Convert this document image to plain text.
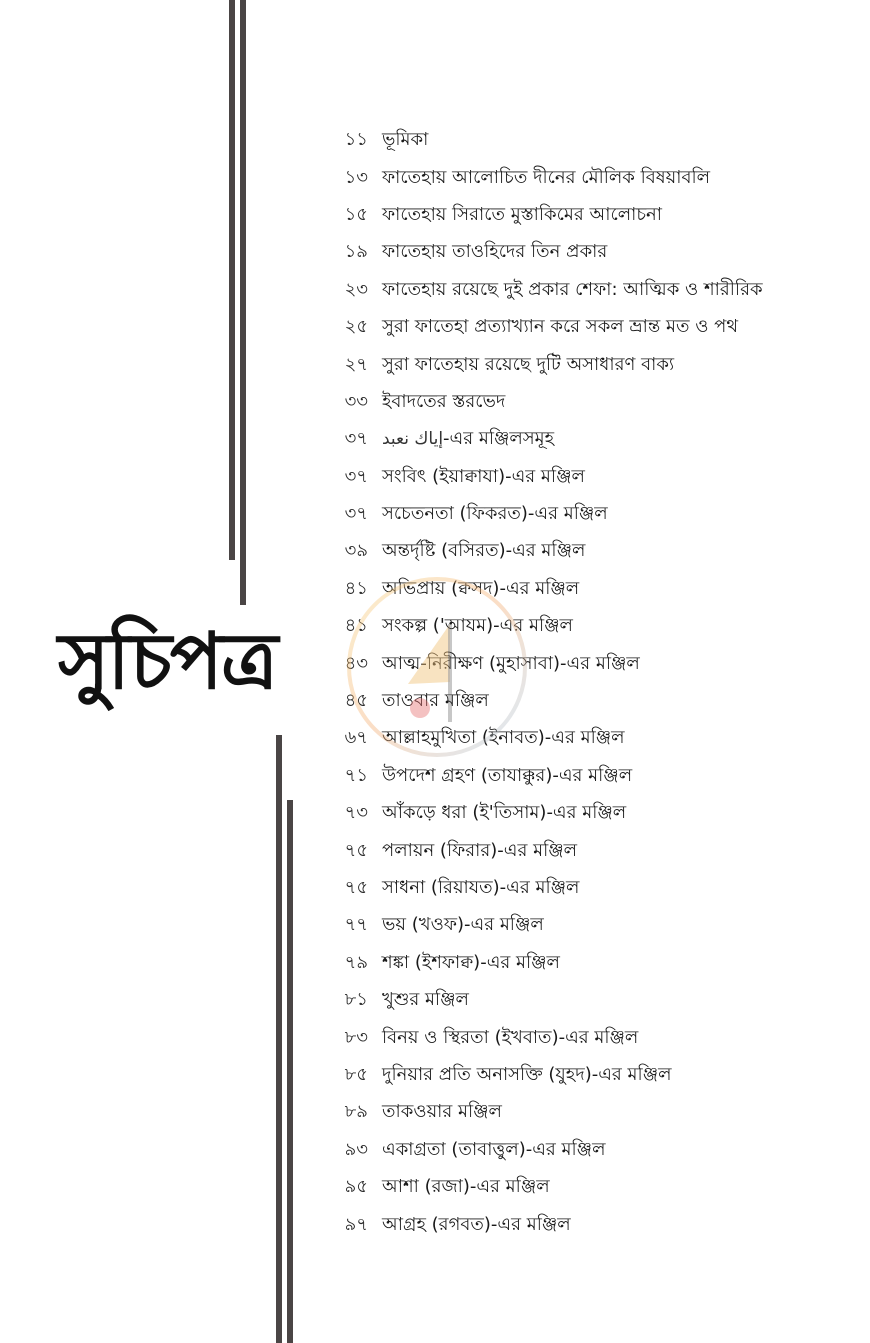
সুচিপত্র
১১ ভূমিকা
১৩ ফাতেহায় আলোচিত দীনের মৌলিক বিষয়াবলি
১৫ ফাতেহায় সিরাতে মুস্তাকিমের আলোচনা
১৯ ফাতেহায় তাওহিদের তিন প্রকার
২৩ ফাতেহায় রয়েছে দুই প্রকার শেফা: আত্মিক ও শারীরিক
২৫ সুরা ফাতেহা প্রত্যাখ্যান করে সকল ভ্রান্ত মত ও পথ
২৭ সুরা ফাতেহায় রয়েছে দুটি অসাধারণ বাক্য
৩৩ ইবাদতের স্তরভেদ
৩৭ إياك نعبد-এর মঞ্জিলসমূহ
৩৭ সংবিৎ (ইয়াক্বাযা)-এর মঞ্জিল
৩৭ সচেতনতা (ফিকরত)-এর মঞ্জিল
৩৯ অন্তর্দৃষ্টি (বসিরত)-এর মঞ্জিল
৪১ অভিপ্রায় (ক্বসদ)-এর মঞ্জিল
৪১ সংকল্প ('আযম)-এর মঞ্জিল
৪৩ আত্ম-নিরীক্ষণ (মুহাসাবা)-এর মঞ্জিল
৪৫ তাওবার মঞ্জিল
৬৭ আল্লাহমুখিতা (ইনাবত)-এর মঞ্জিল
৭১ উপদেশ গ্রহণ (তাযাক্কুর)-এর মঞ্জিল
৭৩ আঁকড়ে ধরা (ই'তিসাম)-এর মঞ্জিল
৭৫ পলায়ন (ফিরার)-এর মঞ্জিল
৭৫ সাধনা (রিয়াযত)-এর মঞ্জিল
৭৭ ভয় (খওফ)-এর মঞ্জিল
৭৯ শঙ্কা (ইশফাক্ব)-এর মঞ্জিল
৮১ খুশুর মঞ্জিল
৮৩ বিনয় ও স্থিরতা (ইখবাত)-এর মঞ্জিল
৮৫ দুনিয়ার প্রতি অনাসক্তি (যুহদ)-এর মঞ্জিল
৮৯ তাকওয়ার মঞ্জিল
৯৩ একাগ্রতা (তাবাত্তুল)-এর মঞ্জিল
৯৫ আশা (রজা)-এর মঞ্জিল
৯৭ আগ্রহ (রগবত)-এর মঞ্জিল
